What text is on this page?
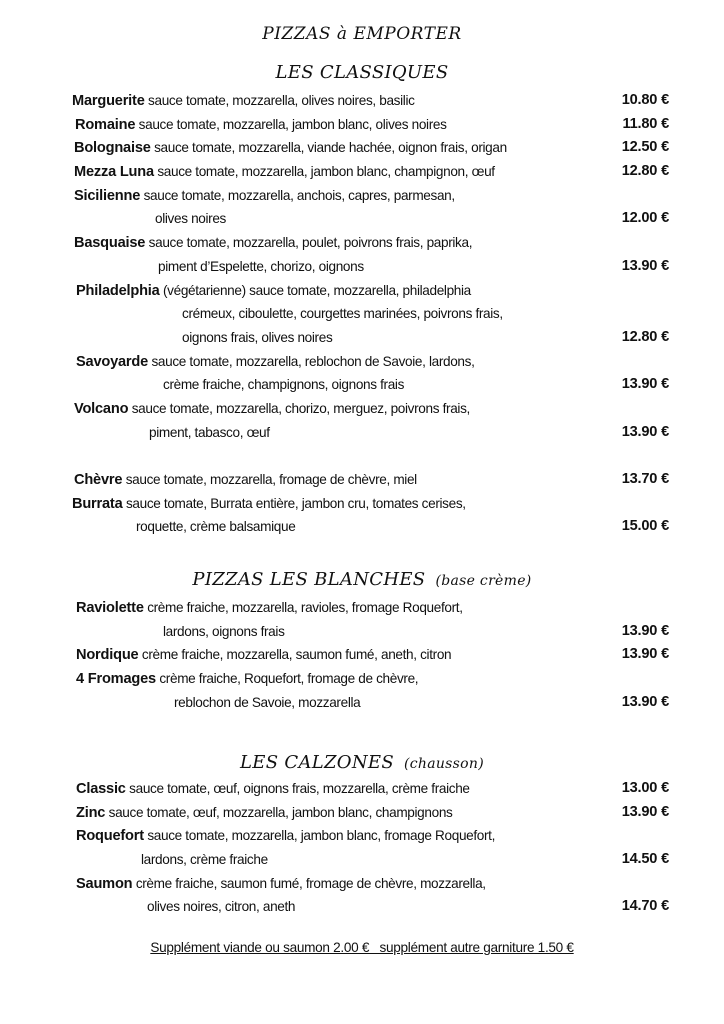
PIZZAS à EMPORTER
LES CLASSIQUES
Marguerite sauce tomate, mozzarella, olives noires, basilic	10.80 €
Romaine sauce tomate, mozzarella, jambon blanc, olives noires	11.80 €
Bolognaise sauce tomate, mozzarella, viande hachée, oignon frais, origan	12.50 €
Mezza Luna sauce tomate, mozzarella, jambon blanc, champignon, œuf	12.80 €
Sicilienne sauce tomate, mozzarella, anchois, capres, parmesan,
olives noires	12.00 €
Basquaise sauce tomate, mozzarella, poulet, poivrons frais, paprika,
piment d’Espelette, chorizo, oignons	13.90 €
Philadelphia (végétarienne) sauce tomate, mozzarella, philadelphia
crémeux, ciboulette, courgettes marinées, poivrons frais,
oignons frais, olives noires	12.80 €
Savoyarde sauce tomate, mozzarella, reblochon de Savoie, lardons,
crème fraiche, champignons, oignons frais	13.90 €
Volcano sauce tomate, mozzarella, chorizo, merguez, poivrons frais,
piment, tabasco, œuf	13.90 €
Chèvre sauce tomate, mozzarella, fromage de chèvre, miel	13.70 €
Burrata sauce tomate, Burrata entière, jambon cru, tomates cerises,
roquette, crème balsamique	15.00 €
PIZZAS LES BLANCHES (base crème)
Raviolette crème fraiche, mozzarella, ravioles, fromage Roquefort,
lardons, oignons frais	13.90 €
Nordique crème fraiche, mozzarella, saumon fumé, aneth, citron	13.90 €
4 Fromages crème fraiche, Roquefort, fromage de chèvre,
reblochon de Savoie, mozzarella	13.90 €
LES CALZONES (chausson)
Classic sauce tomate, œuf, oignons frais, mozzarella, crème fraiche	13.00 €
Zinc sauce tomate, œuf, mozzarella, jambon blanc, champignons	13.90 €
Roquefort sauce tomate, mozzarella, jambon blanc, fromage Roquefort,
lardons, crème fraiche	14.50 €
Saumon crème fraiche, saumon fumé, fromage de chèvre, mozzarella,
olives noires, citron, aneth	14.70 €
Supplément viande ou saumon 2.00 €   supplément autre garniture 1.50 €
